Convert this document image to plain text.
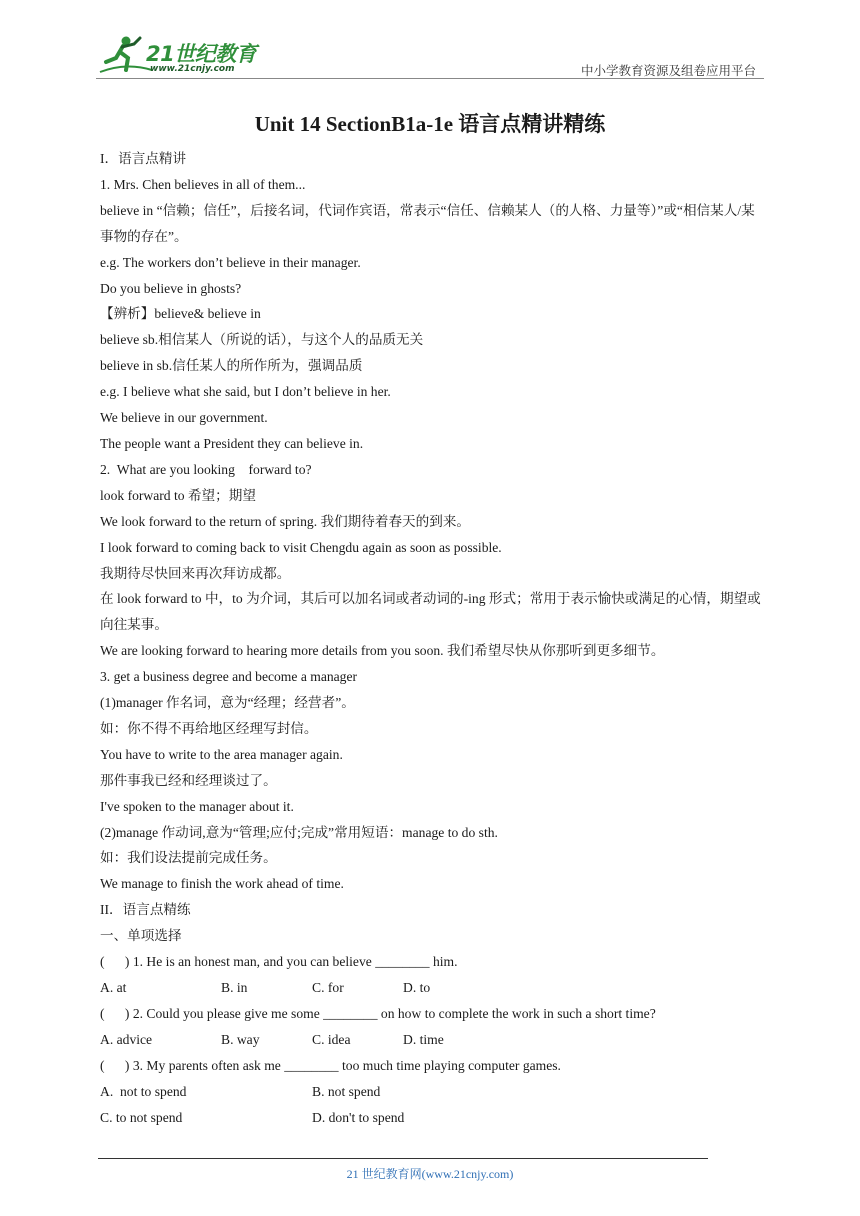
21世纪教育
www.21cnjy.com	中小学教育资源及组卷应用平台
Unit 14 SectionB1a-1e 语言点精讲精练
I．语言点精讲
1. Mrs. Chen believes in all of them...
believe in “信赖；信任”，后接名词，代词作宾语，常表示“信任、信赖某人（的人格、力量等）”或“相信某人/某事物的存在”。
e.g. The workers don’t believe in their manager.
Do you believe in ghosts?
【辨析】believe& believe in
believe sb.相信某人（所说的话），与这个人的品质无关
believe in sb.信任某人的所作所为，强调品质
e.g. I believe what she said, but I don’t believe in her.
We believe in our government.
The people want a President they can believe in.
2.  What are you looking    forward to?
look forward to 希望；期望
We look forward to the return of spring. 我们期待着春天的到来。
I look forward to coming back to visit Chengdu again as soon as possible.
我期待尽快回来再次拜访成都。
在 look forward to 中，to 为介词，其后可以加名词或者动词的-ing 形式；常用于表示愉快或满足的心情，期望或向往某事。
We are looking forward to hearing more details from you soon. 我们希望尽快从你那听到更多细节。
3. get a business degree and become a manager
(1)manager 作名词，意为“经理；经营者”。
如：你不得不再给地区经理写封信。
You have to write to the area manager again.
那件事我已经和经理谈过了。
I've spoken to the manager about it.
(2)manage 作动词,意为“管理;应付;完成”常用短语：manage to do sth.
如：我们设法提前完成任务。
We manage to finish the work ahead of time.
II．语言点精练
一、单项选择
(      ) 1. He is an honest man, and you can believe ________ him.
A. at	B. in	C. for	D. to
(      ) 2. Could you please give me some ________ on how to complete the work in such a short time?
A. advice	B. way	C. idea	D. time
(      ) 3. My parents often ask me ________ too much time playing computer games.
A.  not to spend	B. not spend
C. to not spend	D. don't to spend
21 世纪教育网(www.21cnjy.com)
